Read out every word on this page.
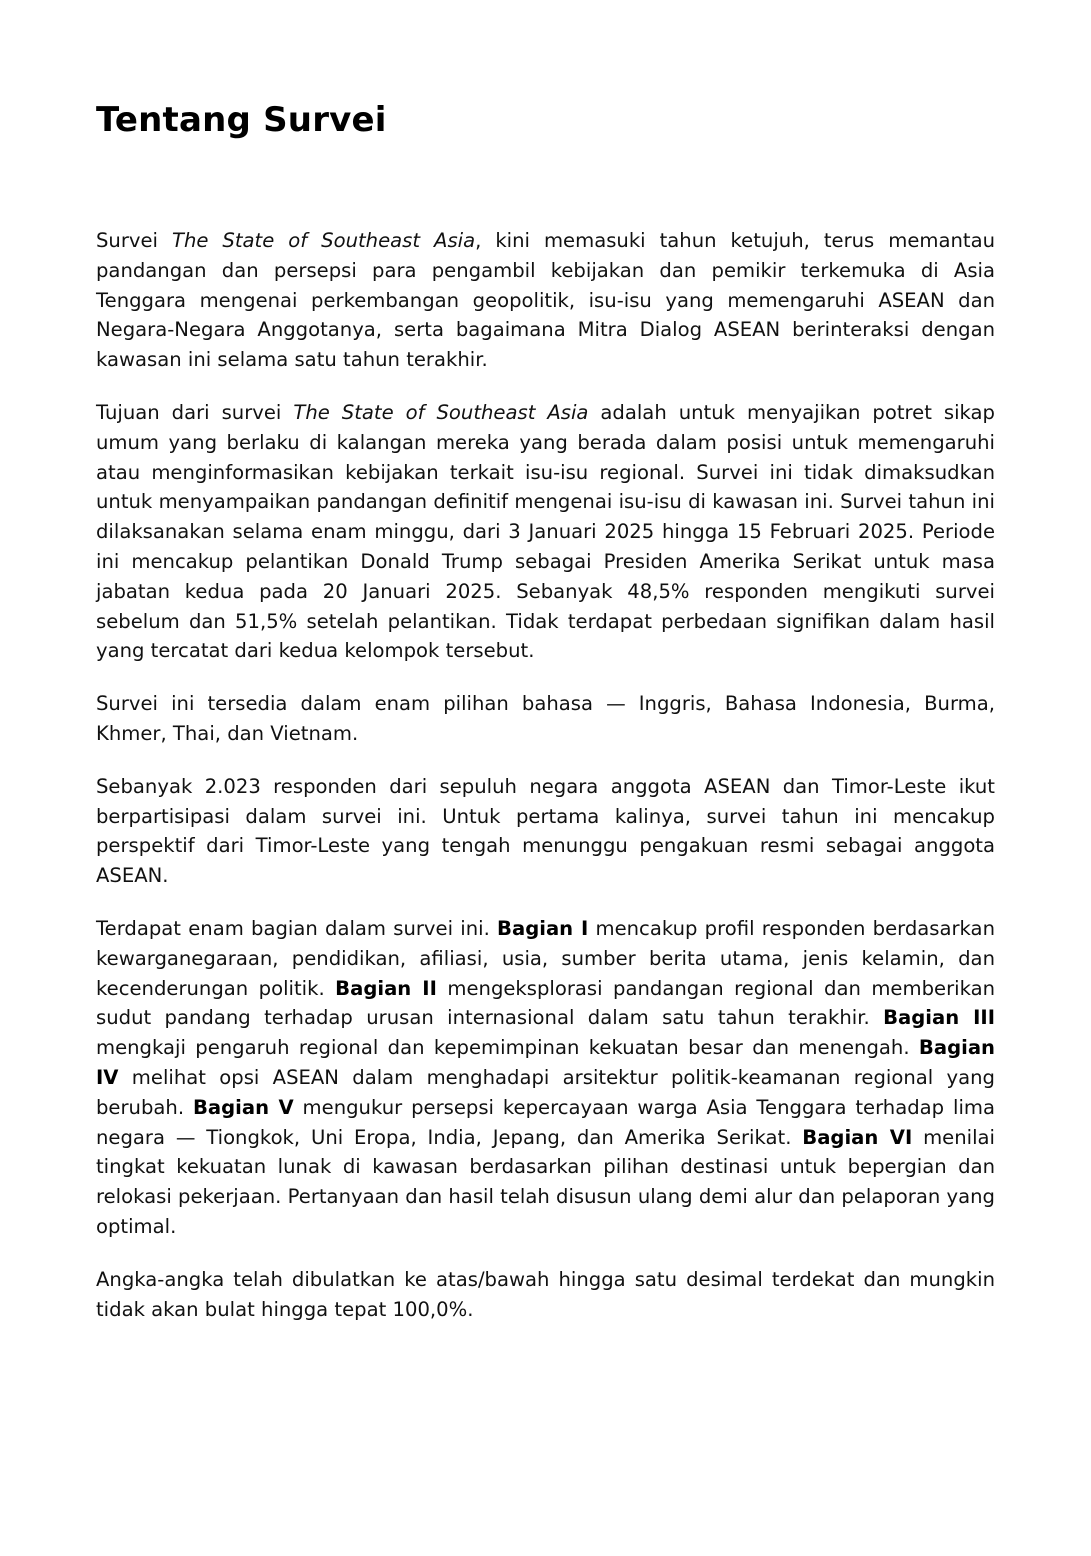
Tentang Survei

Survei The State of Southeast Asia, kini memasuki tahun ketujuh, terus memantau pandangan dan persepsi para pengambil kebijakan dan pemikir terkemuka di Asia Tenggara mengenai perkembangan geopolitik, isu-isu yang memengaruhi ASEAN dan Negara-Negara Anggotanya, serta bagaimana Mitra Dialog ASEAN berinteraksi dengan kawasan ini selama satu tahun terakhir.

Tujuan dari survei The State of Southeast Asia adalah untuk menyajikan potret sikap umum yang berlaku di kalangan mereka yang berada dalam posisi untuk memengaruhi atau menginformasikan kebijakan terkait isu-isu regional. Survei ini tidak dimaksudkan untuk menyampaikan pandangan definitif mengenai isu-isu di kawasan ini. Survei tahun ini dilaksanakan selama enam minggu, dari 3 Januari 2025 hingga 15 Februari 2025. Periode ini mencakup pelantikan Donald Trump sebagai Presiden Amerika Serikat untuk masa jabatan kedua pada 20 Januari 2025. Sebanyak 48,5% responden mengikuti survei sebelum dan 51,5% setelah pelantikan. Tidak terdapat perbedaan signifikan dalam hasil yang tercatat dari kedua kelompok tersebut.

Survei ini tersedia dalam enam pilihan bahasa — Inggris, Bahasa Indonesia, Burma, Khmer, Thai, dan Vietnam.

Sebanyak 2.023 responden dari sepuluh negara anggota ASEAN dan Timor-Leste ikut berpartisipasi dalam survei ini. Untuk pertama kalinya, survei tahun ini mencakup perspektif dari Timor-Leste yang tengah menunggu pengakuan resmi sebagai anggota ASEAN.

Terdapat enam bagian dalam survei ini. Bagian I mencakup profil responden berdasarkan kewarganegaraan, pendidikan, afiliasi, usia, sumber berita utama, jenis kelamin, dan kecenderungan politik. Bagian II mengeksplorasi pandangan regional dan memberikan sudut pandang terhadap urusan internasional dalam satu tahun terakhir. Bagian III mengkaji pengaruh regional dan kepemimpinan kekuatan besar dan menengah. Bagian IV melihat opsi ASEAN dalam menghadapi arsitektur politik-keamanan regional yang berubah. Bagian V mengukur persepsi kepercayaan warga Asia Tenggara terhadap lima negara — Tiongkok, Uni Eropa, India, Jepang, dan Amerika Serikat. Bagian VI menilai tingkat kekuatan lunak di kawasan berdasarkan pilihan destinasi untuk bepergian dan relokasi pekerjaan. Pertanyaan dan hasil telah disusun ulang demi alur dan pelaporan yang optimal.

Angka-angka telah dibulatkan ke atas/bawah hingga satu desimal terdekat dan mungkin tidak akan bulat hingga tepat 100,0%.
